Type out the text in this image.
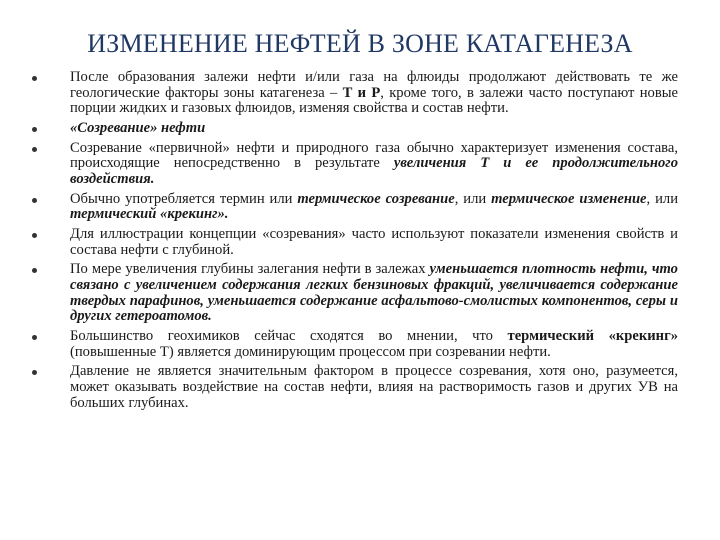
ИЗМЕНЕНИЕ НЕФТЕЙ В ЗОНЕ КАТАГЕНЕЗА
После образования залежи нефти и/или газа на флюиды продолжают действовать те же геологические факторы зоны катагенеза – Т и Р, кроме того, в залежи часто поступают новые порции жидких и газовых флюидов, изменяя свойства и состав нефти.
«Созревание» нефти
Созревание «первичной» нефти и природного газа обычно характеризует изменения состава, происходящие непосредственно в результате увеличения Т и ее продолжительного воздействия.
Обычно употребляется термин или термическое созревание, или термическое изменение, или термический «крекинг».
Для иллюстрации концепции «созревания» часто используют показатели изменения свойств и состава нефти с глубиной.
По мере увеличения глубины залегания нефти в залежах уменьшается плотность нефти, что связано с увеличением содержания легких бензиновых фракций, увеличивается содержание твердых парафинов, уменьшается содержание асфальтово-смолистых компонентов, серы и других гетероатомов.
Большинство геохимиков сейчас сходятся во мнении, что термический «крекинг» (повышенные Т) является доминирующим процессом при созревании нефти.
Давление не является значительным фактором в процессе созревания, хотя оно, разумеется, может оказывать воздействие на состав нефти, влияя на растворимость газов и других УВ на больших глубинах.
